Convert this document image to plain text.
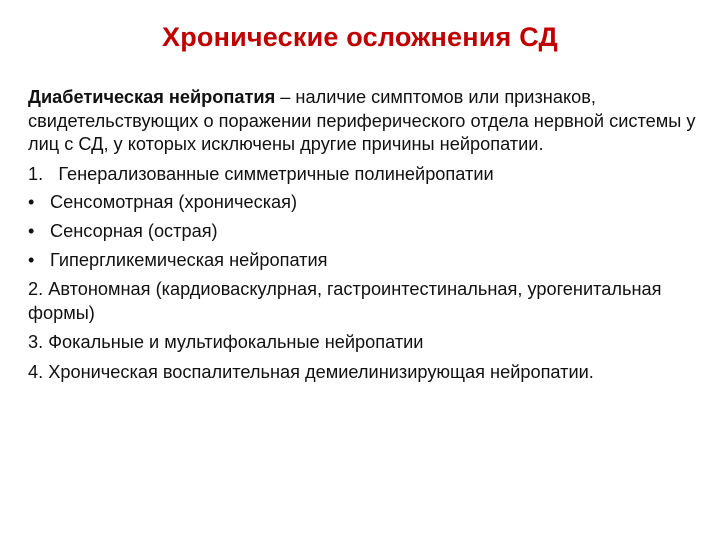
Хронические осложнения СД

Диабетическая нейропатия – наличие симптомов или признаков, свидетельствующих о поражении периферического отдела нервной системы у лиц с СД, у которых исключены другие причины нейропатии.

1. Генерализованные симметричные полинейропатии

• Сенсомотрная (хроническая)
• Сенсорная (острая)
• Гипергликемическая нейропатия

2. Автономная (кардиоваскулрная, гастроинтестинальная, урогенитальная формы)

3. Фокальные и мультифокальные нейропатии

4. Хроническая воспалительная демиелинизирующая нейропатии.
